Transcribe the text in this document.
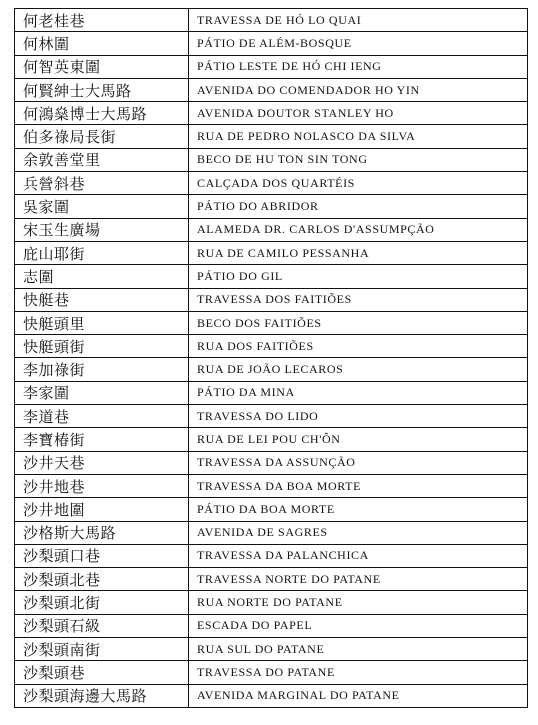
何老桂巷	TRAVESSA DE HÓ LO QUAI
何林圍	PÁTIO DE ALÉM-BOSQUE
何智英東圍	PÁTIO LESTE DE HÓ CHI IENG
何賢紳士大馬路	AVENIDA DO COMENDADOR HO YIN
何鴻燊博士大馬路	AVENIDA DOUTOR STANLEY HO
伯多祿局長街	RUA DE PEDRO NOLASCO DA SILVA
余敦善堂里	BECO DE HU TON SIN TONG
兵營斜巷	CALÇADA DOS QUARTÉIS
吳家圍	PÁTIO DO ABRIDOR
宋玉生廣場	ALAMEDA DR. CARLOS D'ASSUMPÇÃO
庇山耶街	RUA DE CAMILO PESSANHA
志圍	PÁTIO DO GIL
快艇巷	TRAVESSA DOS FAITIÕES
快艇頭里	BECO DOS FAITIÕES
快艇頭街	RUA DOS FAITIÕES
李加祿街	RUA DE JOÃO LECAROS
李家圍	PÁTIO DA MINA
李道巷	TRAVESSA DO LIDO
李寶椿街	RUA DE LEI POU CH'ÔN
沙井天巷	TRAVESSA DA ASSUNÇÃO
沙井地巷	TRAVESSA DA BOA MORTE
沙井地圍	PÁTIO DA BOA MORTE
沙格斯大馬路	AVENIDA DE SAGRES
沙梨頭口巷	TRAVESSA DA PALANCHICA
沙梨頭北巷	TRAVESSA NORTE DO PATANE
沙梨頭北街	RUA NORTE DO PATANE
沙梨頭石級	ESCADA DO PAPEL
沙梨頭南街	RUA SUL DO PATANE
沙梨頭巷	TRAVESSA DO PATANE
沙梨頭海邊大馬路	AVENIDA MARGINAL DO PATANE
